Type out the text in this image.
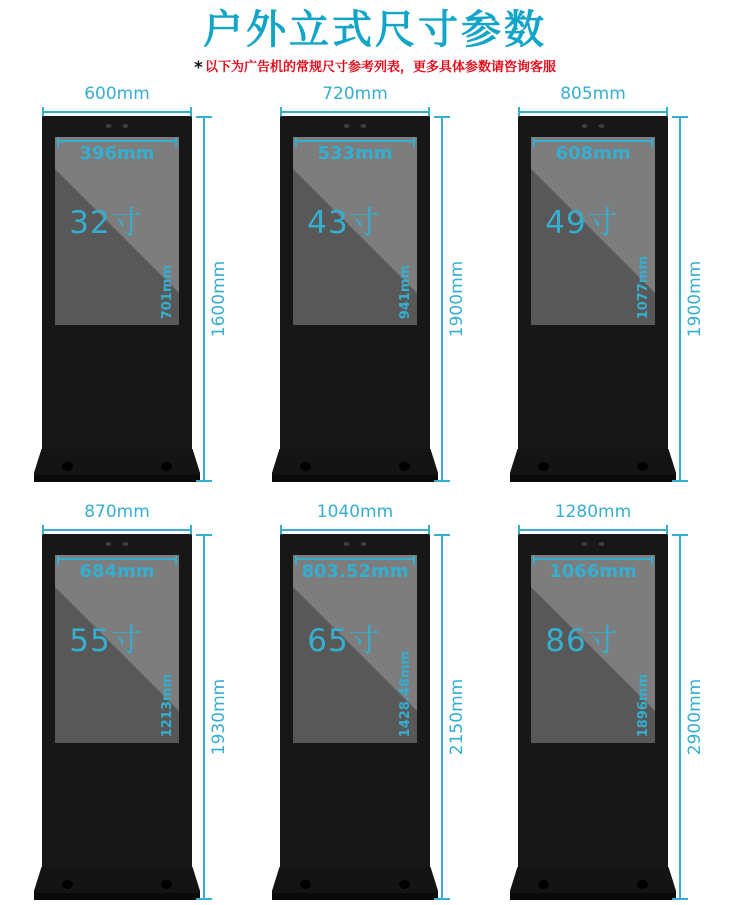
户外立式尺寸参数
* 以下为广告机的常规尺寸参考列表，更多具体参数请咨询客服
600mm
396mm
32寸
701mm 1600mm
720mm
533mm
43寸
941mm 1900mm
805mm
608mm
49寸
1077mm 1900mm
870mm
684mm
55寸
1213mm 1930mm
1040mm
803.52mm
65寸
1428.48mm 2150mm
1280mm
1066mm
86寸
1896mm 2900mm
